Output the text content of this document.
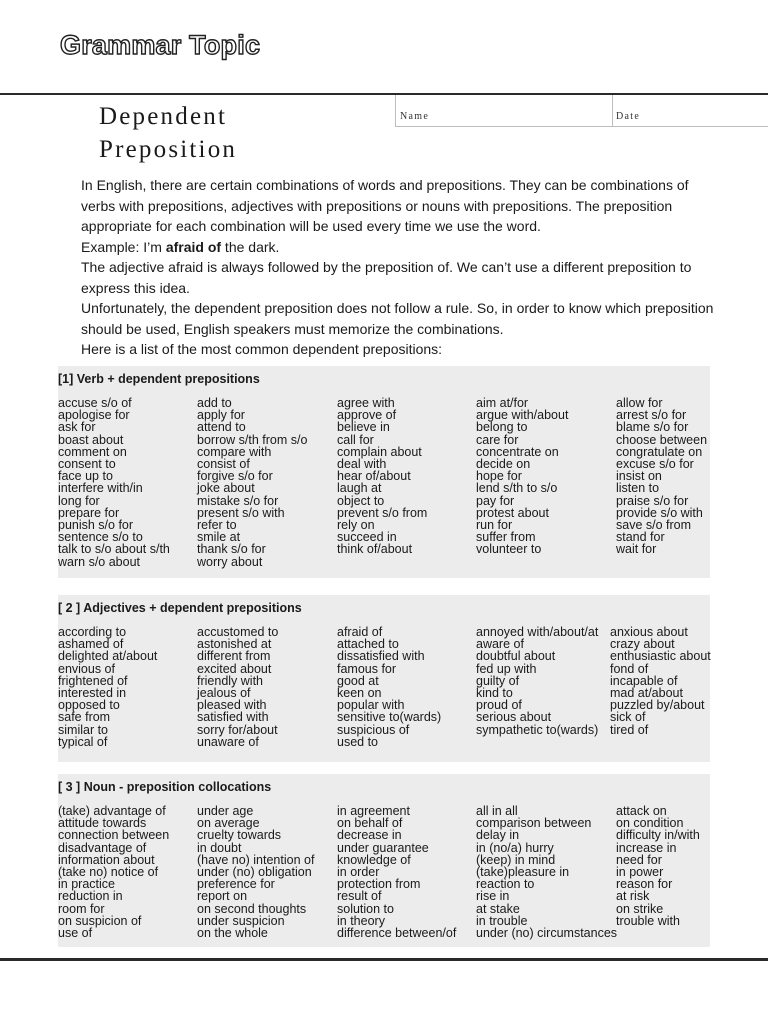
Grammar Topic
Dependent
Preposition
Name	Date

In English, there are certain combinations of words and prepositions. They can be combinations of verbs with prepositions, adjectives with prepositions or nouns with prepositions. The preposition appropriate for each combination will be used every time we use the word.

Example: I’m afraid of the dark.

The adjective afraid is always followed by the preposition of. We can’t use a different preposition to express this idea.

Unfortunately, the dependent preposition does not follow a rule. So, in order to know which preposition should be used, English speakers must memorize the combinations.

Here is a list of the most common dependent prepositions:

[1] Verb + dependent prepositions
accuse s/o of
apologise for
ask for
boast about
comment on
consent to
face up to
interfere with/in
long for
prepare for
punish s/o for
sentence s/o to
talk to s/o about s/th
warn s/o about
add to
apply for
attend to
borrow s/th from s/o
compare with
consist of
forgive s/o for
joke about
mistake s/o for
present s/o with
refer to
smile at
thank s/o for
worry about
agree with
approve of
believe in
call for
complain about
deal with
hear of/about
laugh at
object to
prevent s/o from
rely on
succeed in
think of/about
aim at/for
argue with/about
belong to
care for
concentrate on
decide on
hope for
lend s/th to s/o
pay for
protest about
run for
suffer from
volunteer to
allow for
arrest s/o for
blame s/o for
choose between
congratulate on
excuse s/o for
insist on
listen to
praise s/o for
provide s/o with
save s/o from
stand for
wait for
[ 2 ] Adjectives + dependent prepositions
according to
ashamed of
delighted at/about
envious of
frightened of
interested in
opposed to
safe from
similar to
typical of
accustomed to
astonished at
different from
excited about
friendly with
jealous of
pleased with
satisfied with
sorry for/about
unaware of
afraid of
attached to
dissatisfied with
famous for
good at
keen on
popular with
sensitive to(wards)
suspicious of
used to
annoyed with/about/at
aware of
doubtful about
fed up with
guilty of
kind to
proud of
serious about
sympathetic to(wards)
anxious about
crazy about
enthusiastic about
fond of
incapable of
mad at/about
puzzled by/about
sick of
tired of
[ 3 ] Noun - preposition collocations
(take) advantage of
attitude towards
connection between
disadvantage of
information about
(take no) notice of
in practice
reduction in
room for
on suspicion of
use of
under age
on average
cruelty towards
in doubt
(have no) intention of
under (no) obligation
preference for
report on
on second thoughts
under suspicion
on the whole
in agreement
on behalf of
decrease in
under guarantee
knowledge of
in order
protection from
result of
solution to
in theory
difference between/of
all in all
comparison between
delay in
in (no/a) hurry
(keep) in mind
(take)pleasure in
reaction to
rise in
at stake
in trouble
under (no) circumstances
attack on
on condition
difficulty in/with
increase in
need for
in power
reason for
at risk
on strike
trouble with
